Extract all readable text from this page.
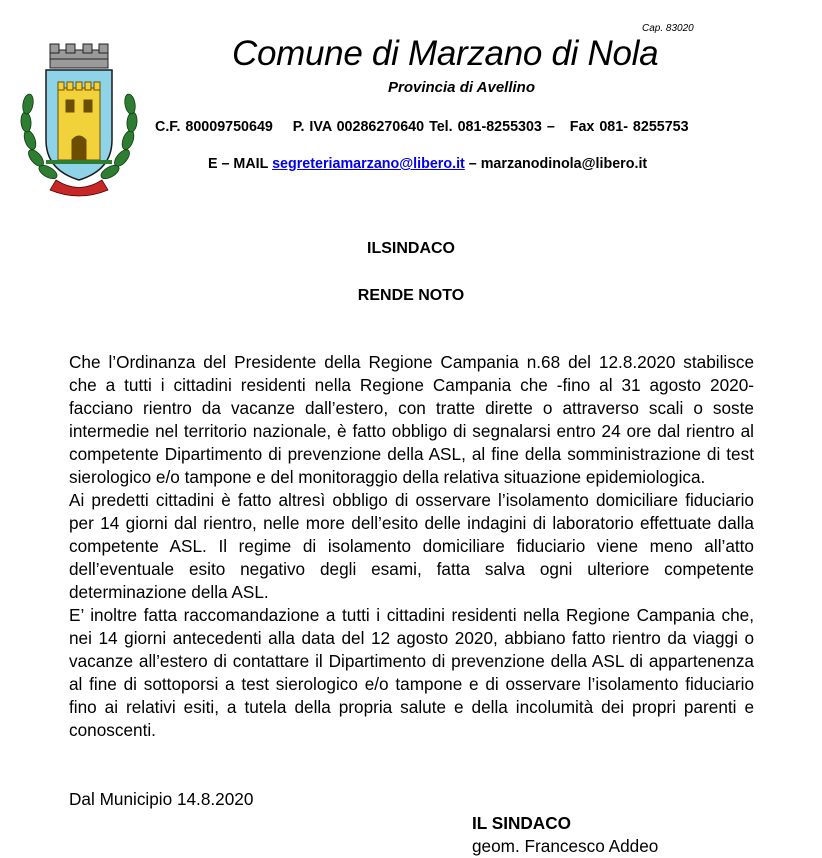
Cap. 83020
Comune di Marzano di Nola
Provincia di Avellino
C.F. 80009750649 P. IVA 00286270640 Tel. 081-8255303 – Fax 081- 8255753
E – MAIL segreteriamarzano@libero.it – marzanodinola@libero.it
ILSINDACO
RENDE NOTO

Che l’Ordinanza del Presidente della Regione Campania n.68 del 12.8.2020 stabilisce che a tutti i cittadini residenti nella Regione Campania che -fino al 31 agosto 2020-facciano rientro da vacanze dall’estero, con tratte dirette o attraverso scali o soste intermedie nel territorio nazionale, è fatto obbligo di segnalarsi entro 24 ore dal rientro al competente Dipartimento di prevenzione della ASL, al fine della somministrazione di test sierologico e/o tampone e del monitoraggio della relativa situazione epidemiologica.

Ai predetti cittadini è fatto altresì obbligo di osservare l’isolamento domiciliare fiduciario per 14 giorni dal rientro, nelle more dell’esito delle indagini di laboratorio effettuate dalla competente ASL. Il regime di isolamento domiciliare fiduciario viene meno all’atto dell’eventuale esito negativo degli esami, fatta salva ogni ulteriore competente determinazione della ASL.

E’ inoltre fatta raccomandazione a tutti i cittadini residenti nella Regione Campania che, nei 14 giorni antecedenti alla data del 12 agosto 2020, abbiano fatto rientro da viaggi o vacanze all’estero di contattare il Dipartimento di prevenzione della ASL di appartenenza al fine di sottoporsi a test sierologico e/o tampone e di osservare l’isolamento fiduciario fino ai relativi esiti, a tutela della propria salute e della incolumità dei propri parenti e conoscenti.

Dal Municipio 14.8.2020
IL SINDACO
geom. Francesco Addeo
